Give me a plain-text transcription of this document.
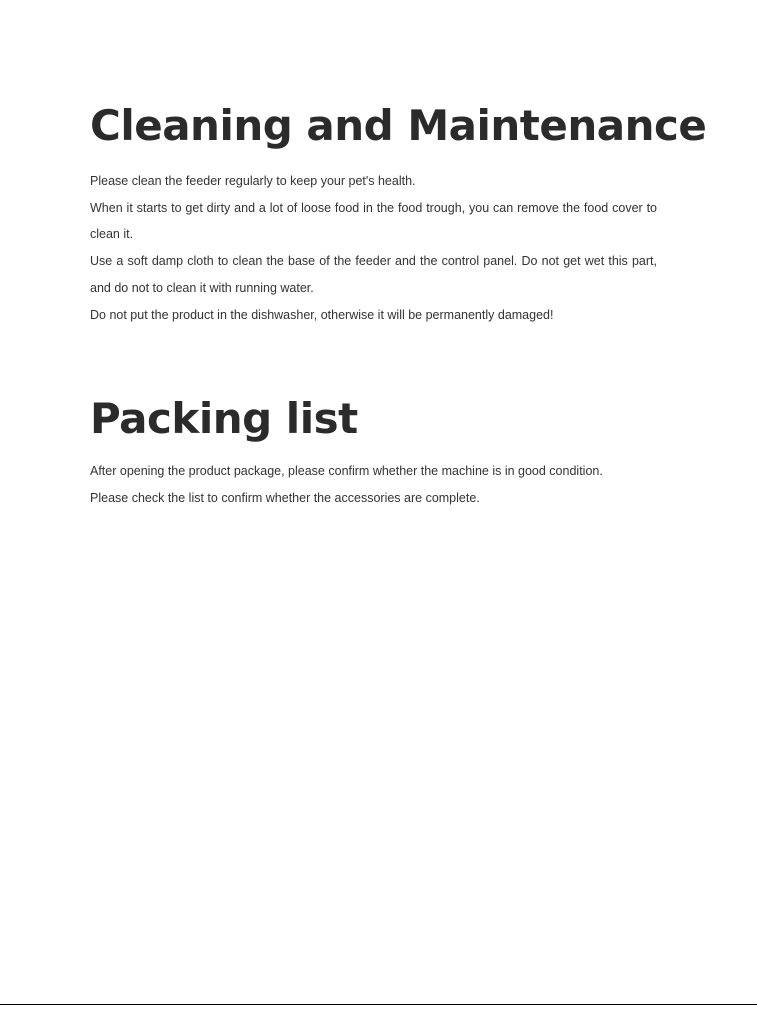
Cleaning and Maintenance

Please clean the feeder regularly to keep your pet's health.

When it starts to get dirty and a lot of loose food in the food trough, you can remove the food cover to clean it.

Use a soft damp cloth to clean the base of the feeder and the control panel. Do not get wet this part, and do not to clean it with running water.

Do not put the product in the dishwasher, otherwise it will be permanently damaged!

Packing list

After opening the product package, please confirm whether the machine is in good condition.

Please check the list to confirm whether the accessories are complete.
